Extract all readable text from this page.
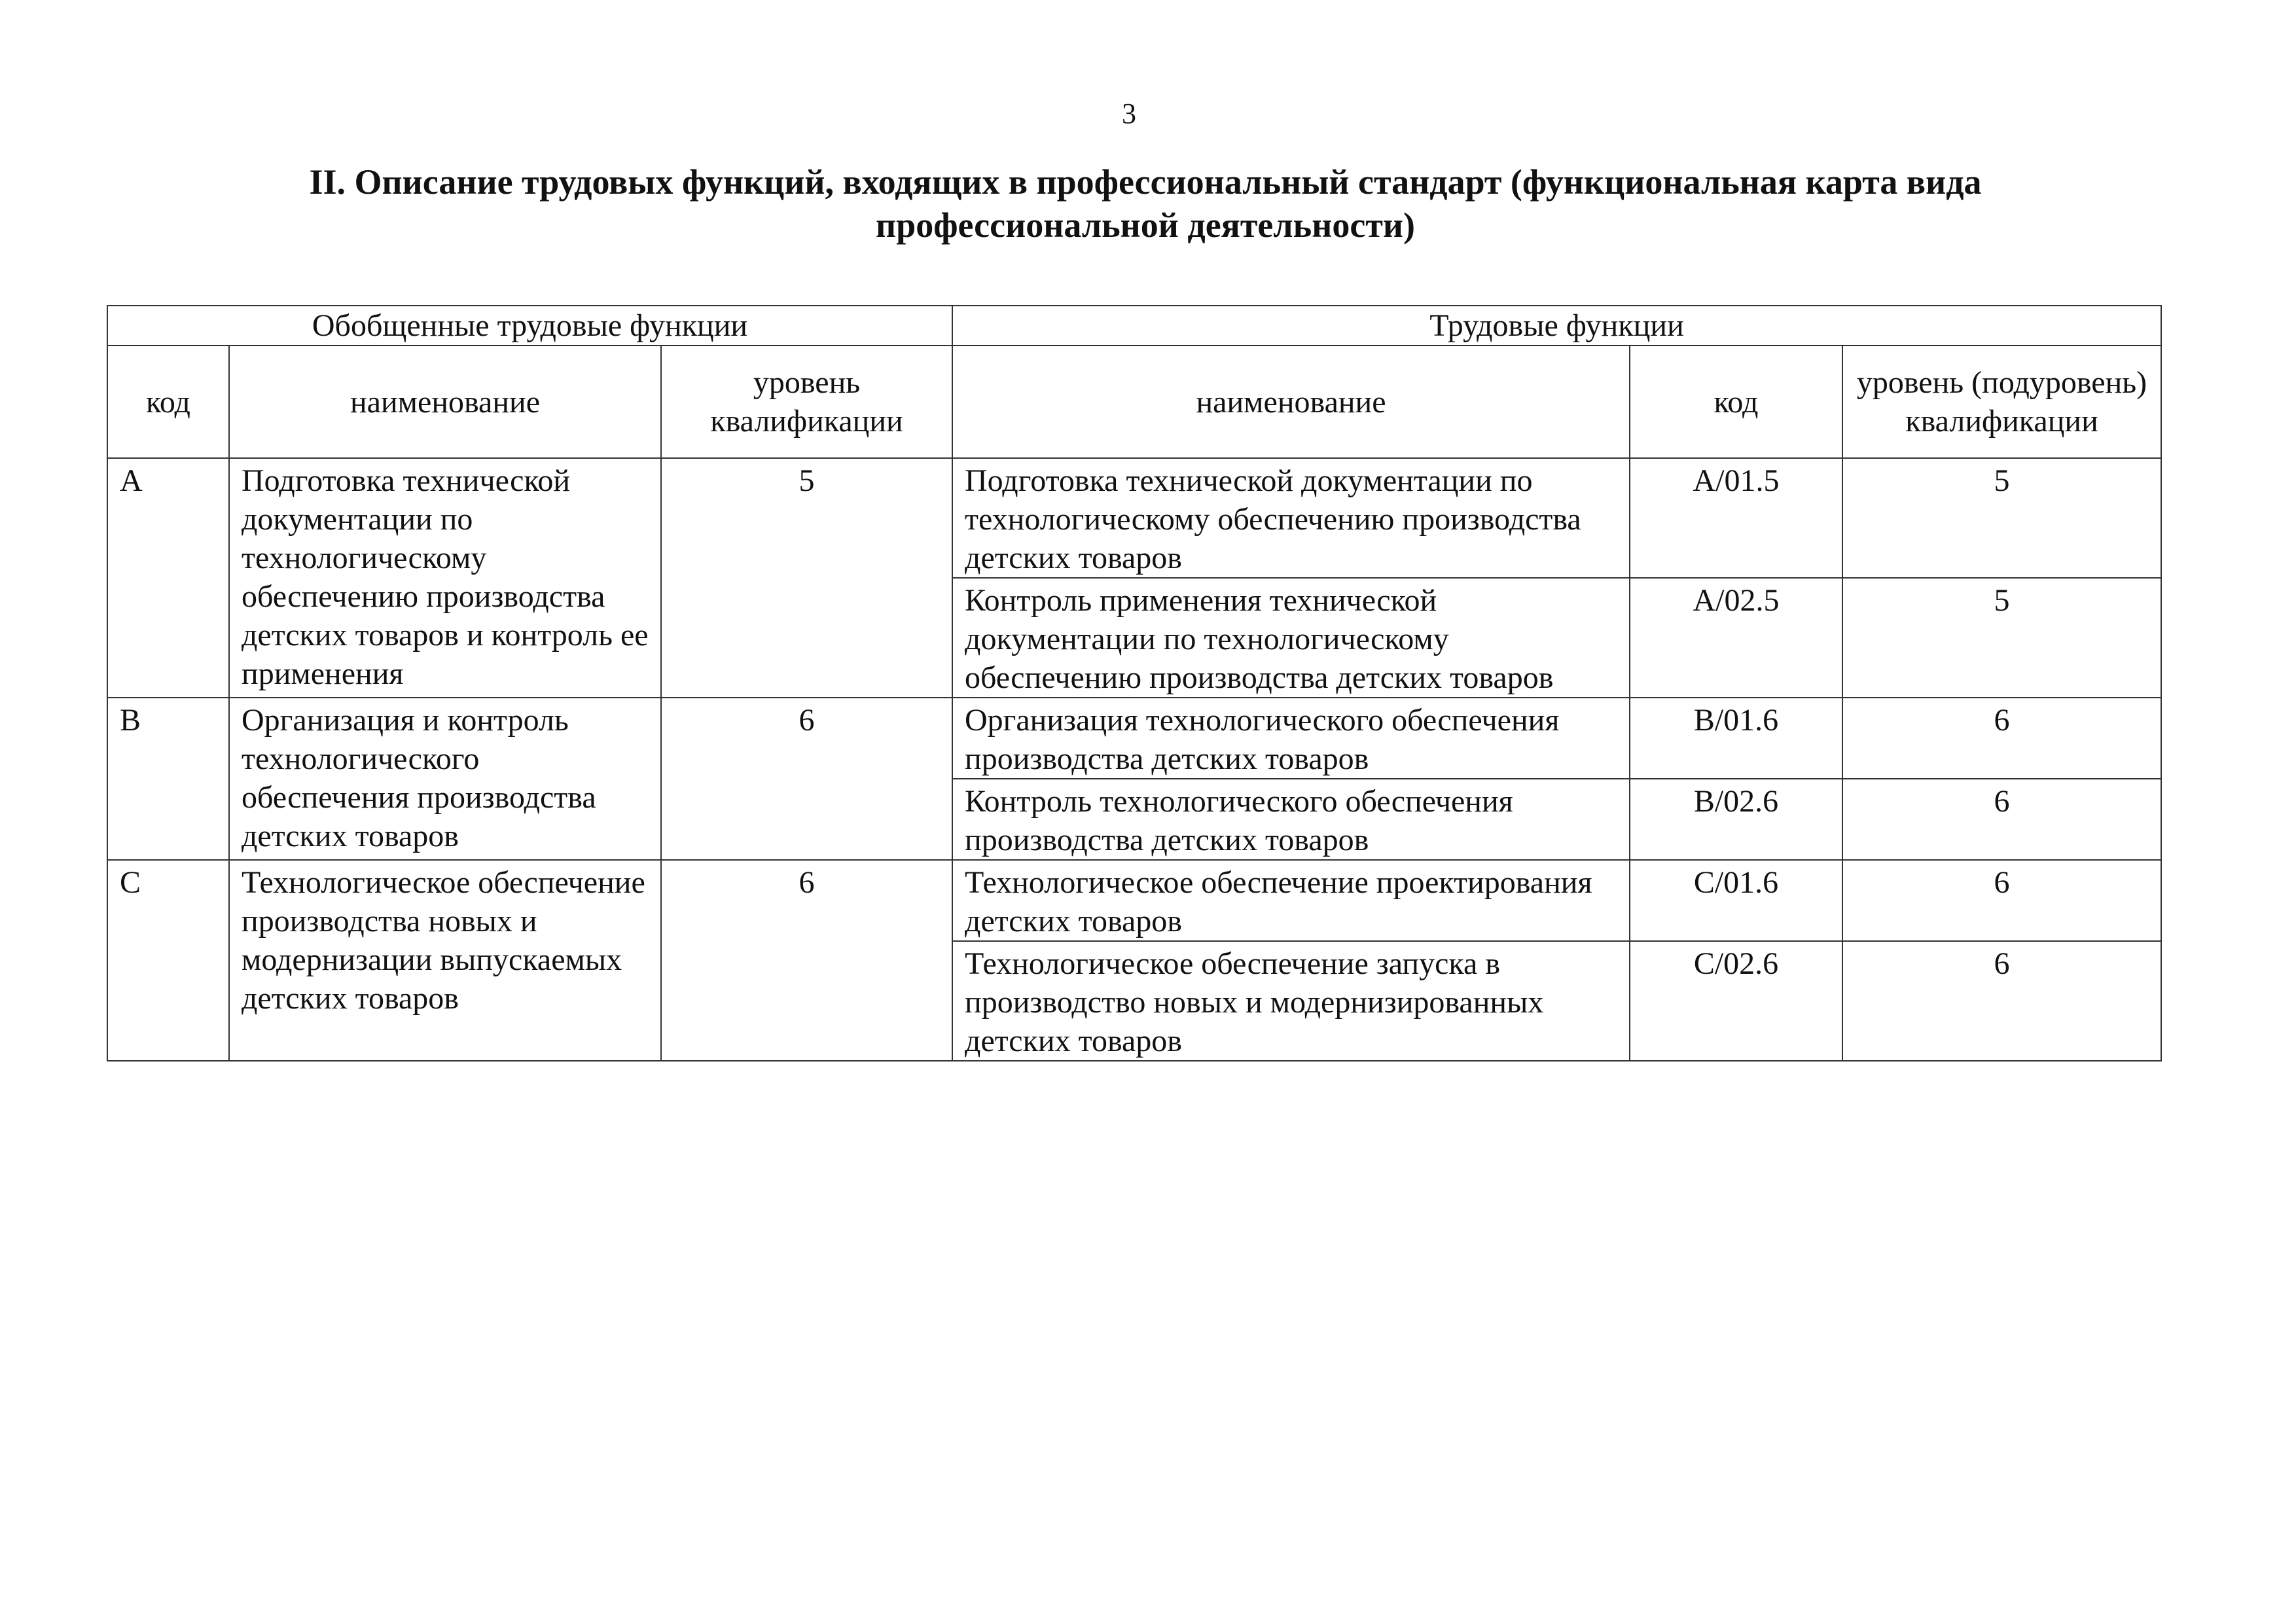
3
II. Описание трудовых функций, входящих в профессиональный стандарт (функциональная карта вида профессиональной деятельности)
Обобщенные трудовые функции			Трудовые функции		
код	наименование	уровень квалификации	наименование	код	уровень (подуровень) квалификации
A	Подготовка технической документации по технологическому обеспечению производства детских товаров и контроль ее применения	5	Подготовка технической документации по технологическому обеспечению производства детских товаров	A/01.5	5
			Контроль применения технической документации по технологическому обеспечению производства детских товаров	A/02.5	5
B	Организация и контроль технологического обеспечения производства детских товаров	6	Организация технологического обеспечения производства детских товаров	B/01.6	6
			Контроль технологического обеспечения производства детских товаров	B/02.6	6
C	Технологическое обеспечение производства новых и модернизации выпускаемых детских товаров	6	Технологическое обеспечение проектирования детских товаров	C/01.6	6
			Технологическое обеспечение запуска в производство новых и модернизированных детских товаров	C/02.6	6
